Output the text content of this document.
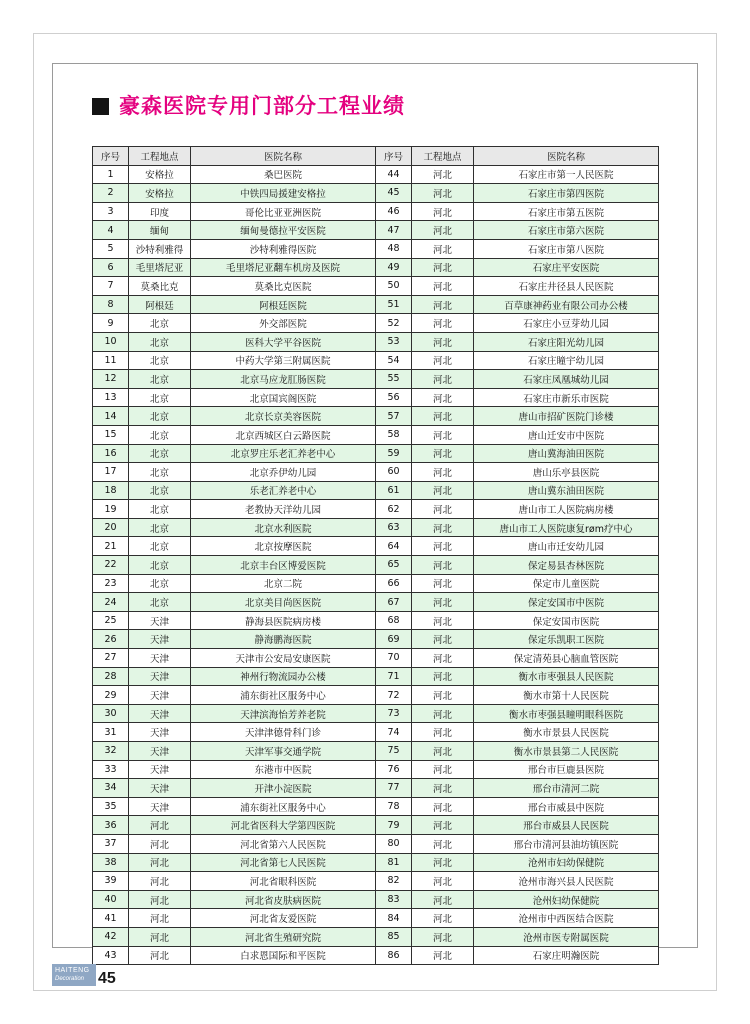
豪森医院专用门部分工程业绩
序号	工程地点	医院名称	序号	工程地点	医院名称
1	安格拉	桑巴医院	44	河北	石家庄市第一人民医院
2	安格拉	中铁四局援建安格拉	45	河北	石家庄市第四医院
3	印度	哥伦比亚亚洲医院	46	河北	石家庄市第五医院
4	缅甸	缅甸曼德拉平安医院	47	河北	石家庄市第六医院
5	沙特利雅得	沙特利雅得医院	48	河北	石家庄市第八医院
6	毛里塔尼亚	毛里塔尼亚翻车机房及医院	49	河北	石家庄平安医院
7	莫桑比克	莫桑比克医院	50	河北	石家庄井径县人民医院
8	阿根廷	阿根廷医院	51	河北	百草康神药业有限公司办公楼
9	北京	外交部医院	52	河北	石家庄小豆芽幼儿园
10	北京	医科大学平谷医院	53	河北	石家庄阳光幼儿园
11	北京	中药大学第三附属医院	54	河北	石家庄瞳宇幼儿园
12	北京	北京马应龙肛肠医院	55	河北	石家庄凤凰城幼儿园
13	北京	北京国宾阁医院	56	河北	石家庄市新乐市医院
14	北京	北京长京美容医院	57	河北	唐山市招矿医院门诊楼
15	北京	北京西城区白云路医院	58	河北	唐山迁安市中医院
16	北京	北京罗庄乐老汇养老中心	59	河北	唐山冀海油田医院
17	北京	北京乔伊幼儿园	60	河北	唐山乐亭县医院
18	北京	乐老汇养老中心	61	河北	唐山冀东油田医院
19	北京	老教协天洋幼儿园	62	河北	唐山市工人医院病房楼
20	北京	北京水利医院	63	河北	唐山市工人医院康复røm疗中心
21	北京	北京按摩医院	64	河北	唐山市迁安幼儿园
22	北京	北京丰台区博爱医院	65	河北	保定易县杏林医院
23	北京	北京二院	66	河北	保定市儿童医院
24	北京	北京美目尚医医院	67	河北	保定安国市中医院
25	天津	静海县医院病房楼	68	河北	保定安国市医院
26	天津	静海鹏海医院	69	河北	保定乐凯职工医院
27	天津	天津市公安局安康医院	70	河北	保定清苑县心脑血管医院
28	天津	神州行物流园办公楼	71	河北	衡水市枣强县人民医院
29	天津	浦东街社区服务中心	72	河北	衡水市第十人民医院
30	天津	天津滨海怡芳养老院	73	河北	衡水市枣强县瞳明眼科医院
31	天津	天津津德骨科门诊	74	河北	衡水市景县人民医院
32	天津	天津军事交通学院	75	河北	衡水市景县第二人民医院
33	天津	东港市中医院	76	河北	邢台市巨鹿县医院
34	天津	开津小淀医院	77	河北	邢台市清河二院
35	天津	浦东街社区服务中心	78	河北	邢台市威县中医院
36	河北	河北省医科大学第四医院	79	河北	邢台市威县人民医院
37	河北	河北省第六人民医院	80	河北	邢台市清河县油坊镇医院
38	河北	河北省第七人民医院	81	河北	沧州市妇幼保健院
39	河北	河北省眼科医院	82	河北	沧州市海兴县人民医院
40	河北	河北省皮肤病医院	83	河北	沧州妇幼保健院
41	河北	河北省友爱医院	84	河北	沧州市中西医结合医院
42	河北	河北省生殖研究院	85	河北	沧州市医专附属医院
43	河北	白求恩国际和平医院	86	河北	石家庄明瀚医院
HAITENG
Decoration 45
